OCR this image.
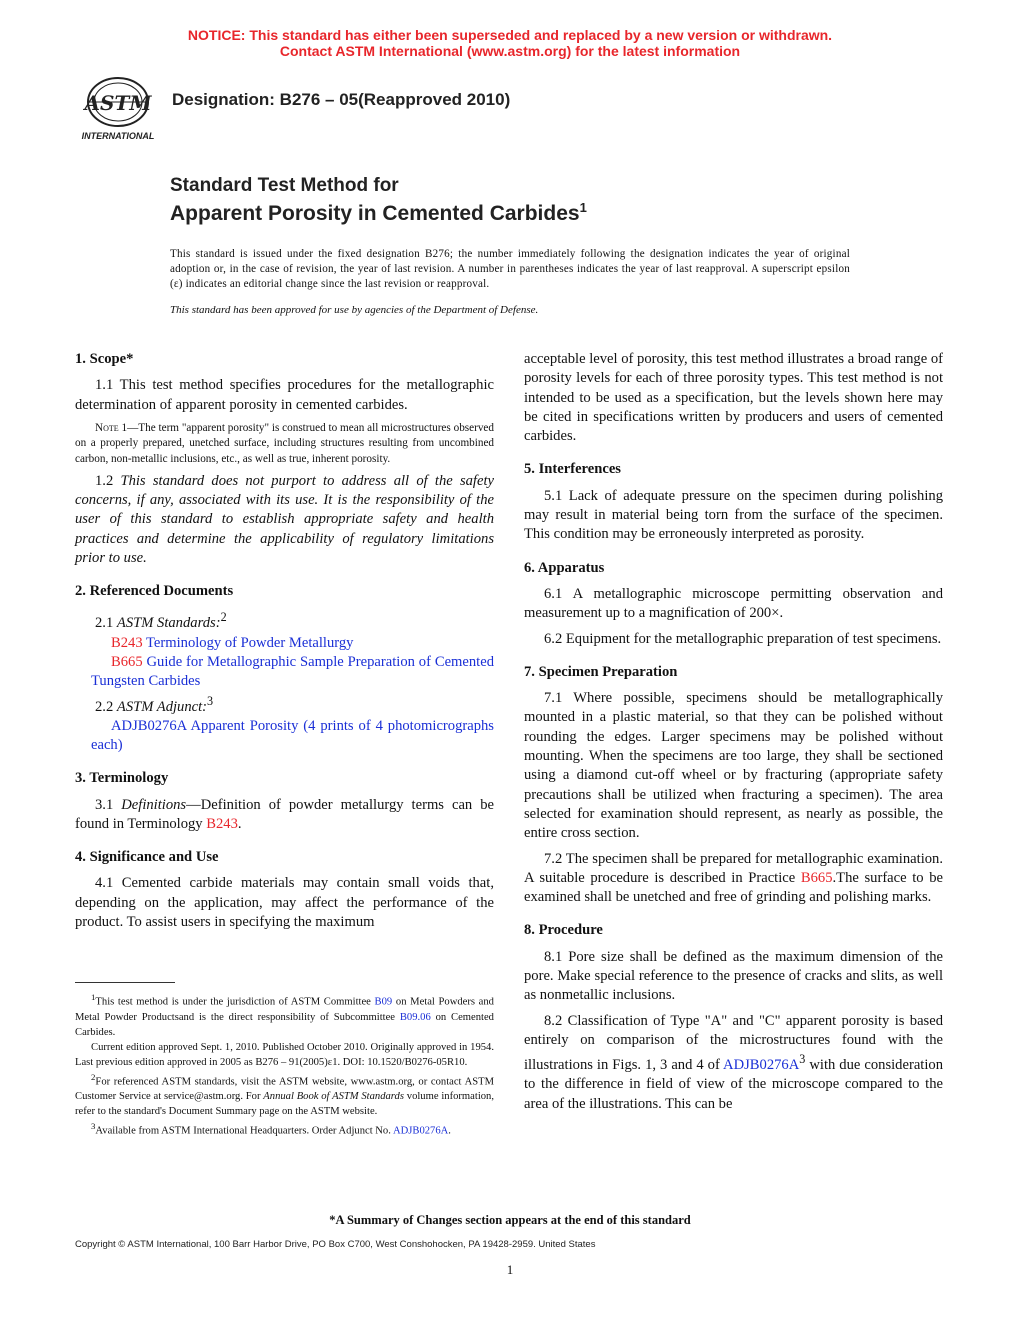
NOTICE: This standard has either been superseded and replaced by a new version or withdrawn.
Contact ASTM International (www.astm.org) for the latest information
ASTM
INTERNATIONAL
Designation: B276 – 05(Reapproved 2010)
Standard Test Method for
Apparent Porosity in Cemented Carbides$^1$
This standard is issued under the fixed designation B276; the number immediately following the designation indicates the year of original adoption or, in the case of revision, the year of last revision. A number in parentheses indicates the year of last reapproval. A superscript epsilon (ε) indicates an editorial change since the last revision or reapproval.
This standard has been approved for use by agencies of the Department of Defense.
1. Scope*

1.1 This test method specifies procedures for the metallographic determination of apparent porosity in cemented carbides.

Note 1—The term "apparent porosity" is construed to mean all microstructures observed on a properly prepared, unetched surface, including structures resulting from uncombined carbon, non-metallic inclusions, etc., as well as true, inherent porosity.

1.2 This standard does not purport to address all of the safety concerns, if any, associated with its use. It is the responsibility of the user of this standard to establish appropriate safety and health practices and determine the applicability of regulatory limitations prior to use.

2. Referenced Documents

2.1 ASTM Standards:$^2$

B243 Terminology of Powder Metallurgy

B665 Guide for Metallographic Sample Preparation of Cemented Tungsten Carbides

2.2 ASTM Adjunct:$^3$

ADJB0276A Apparent Porosity (4 prints of 4 photomicrographs each)

3. Terminology

3.1 Definitions—Definition of powder metallurgy terms can be found in Terminology B243.

4. Significance and Use

4.1 Cemented carbide materials may contain small voids that, depending on the application, may affect the performance of the product. To assist users in specifying the maximum

$^1$This test method is under the jurisdiction of ASTM Committee B09 on Metal Powders and Metal Powder Productsand is the direct responsibility of Subcommittee B09.06 on Cemented Carbides.

Current edition approved Sept. 1, 2010. Published October 2010. Originally approved in 1954. Last previous edition approved in 2005 as B276 – 91(2005)ε1. DOI: 10.1520/B0276-05R10.

$^2$For referenced ASTM standards, visit the ASTM website, www.astm.org, or contact ASTM Customer Service at service@astm.org. For Annual Book of ASTM Standards volume information, refer to the standard's Document Summary page on the ASTM website.

$^3$Available from ASTM International Headquarters. Order Adjunct No. ADJB0276A.

acceptable level of porosity, this test method illustrates a broad range of porosity levels for each of three porosity types. This test method is not intended to be used as a specification, but the levels shown here may be cited in specifications written by producers and users of cemented carbides.

5. Interferences

5.1 Lack of adequate pressure on the specimen during polishing may result in material being torn from the surface of the specimen. This condition may be erroneously interpreted as porosity.

6. Apparatus

6.1 A metallographic microscope permitting observation and measurement up to a magnification of 200×.

6.2 Equipment for the metallographic preparation of test specimens.

7. Specimen Preparation

7.1 Where possible, specimens should be metallographically mounted in a plastic material, so that they can be polished without rounding the edges. Larger specimens may be polished without mounting. When the specimens are too large, they shall be sectioned using a diamond cut-off wheel or by fracturing (appropriate safety precautions shall be utilized when fracturing a specimen). The area selected for examination should represent, as nearly as possible, the entire cross section.

7.2 The specimen shall be prepared for metallographic examination. A suitable procedure is described in Practice B665.The surface to be examined shall be unetched and free of grinding and polishing marks.

8. Procedure

8.1 Pore size shall be defined as the maximum dimension of the pore. Make special reference to the presence of cracks and slits, as well as nonmetallic inclusions.

8.2 Classification of Type "A" and "C" apparent porosity is based entirely on comparison of the microstructures found with the illustrations in Figs. 1, 3 and 4 of $ADJB0276A^3$ with due consideration to the difference in field of view of the microscope compared to the area of the illustrations. This can be

*A Summary of Changes section appears at the end of this standard
Copyright © ASTM International, 100 Barr Harbor Drive, PO Box C700, West Conshohocken, PA 19428-2959. United States
1
